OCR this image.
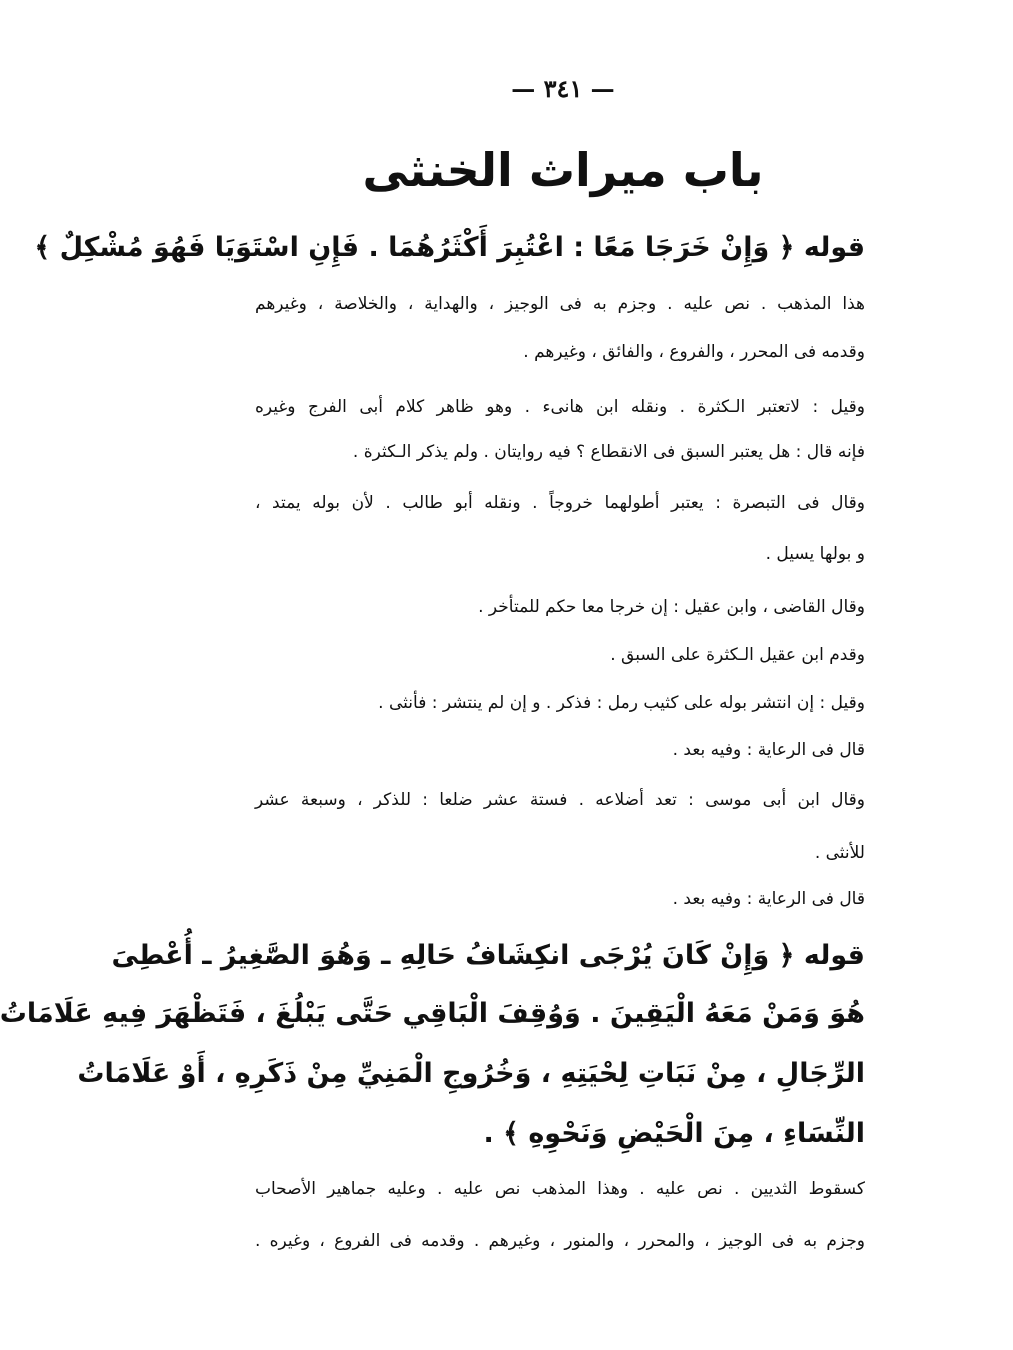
— ٣٤١ —
باب ميراث الخنثى
قوله ﴿ وَإِنْ خَرَجَا مَعًا : اعْتُبِرَ أَكْثَرُهُمَا . فَإِنِ اسْتَوَيَا فَهُوَ مُشْكِلٌ ﴾
هذا المذهب . نص عليه . وجزم به فى الوجيز ، والهداية ، والخلاصة ، وغيرهم
وقدمه فى المحرر ، والفروع ، والفائق ، وغيرهم .
وقيل : لاتعتبر الـكثرة . ونقله ابن هانىء . وهو ظاهر كلام أبى الفرج وغيره
فإنه قال : هل يعتبر السبق فى الانقطاع ؟ فيه روايتان . ولم يذكر الـكثرة .
وقال فى التبصرة : يعتبر أطولهما خروجاً . ونقله أبو طالب . لأن بوله يمتد ،
و بولها يسيل .
وقال القاضى ، وابن عقيل : إن خرجا معا حكم للمتأخر .
وقدم ابن عقيل الـكثرة على السبق .
وقيل : إن انتشر بوله على كثيب رمل : فذكر . و إن لم ينتشر : فأنثى .
قال فى الرعاية : وفيه بعد .
وقال ابن أبى موسى : تعد أضلاعه . فستة عشر ضلعا : للذكر ، وسبعة عشر
للأنثى .
قال فى الرعاية : وفيه بعد .
قوله ﴿ وَإِنْ كَانَ يُرْجَى انكِشَافُ حَالِهِ ـ وَهُوَ الصَّغِيرُ ـ أُعْطِىَ
هُوَ وَمَنْ مَعَهُ الْيَقِينَ . وَوُقِفَ الْبَاقِي حَتَّى يَبْلُغَ ، فَتَظْهَرَ فِيهِ عَلَامَاتُ
الرِّجَالِ ، مِنْ نَبَاتِ لِحْيَتِهِ ، وَخُرُوجِ الْمَنِيِّ مِنْ ذَكَرِهِ ، أَوْ عَلَامَاتُ
النِّسَاءِ ، مِنَ الْحَيْضِ وَنَحْوِهِ ﴾ .
كسقوط الثديين . نص عليه . وهذا المذهب نص عليه . وعليه جماهير الأصحاب
وجزم به فى الوجيز ، والمحرر ، والمنور ، وغيرهم . وقدمه فى الفروع ، وغيره .
